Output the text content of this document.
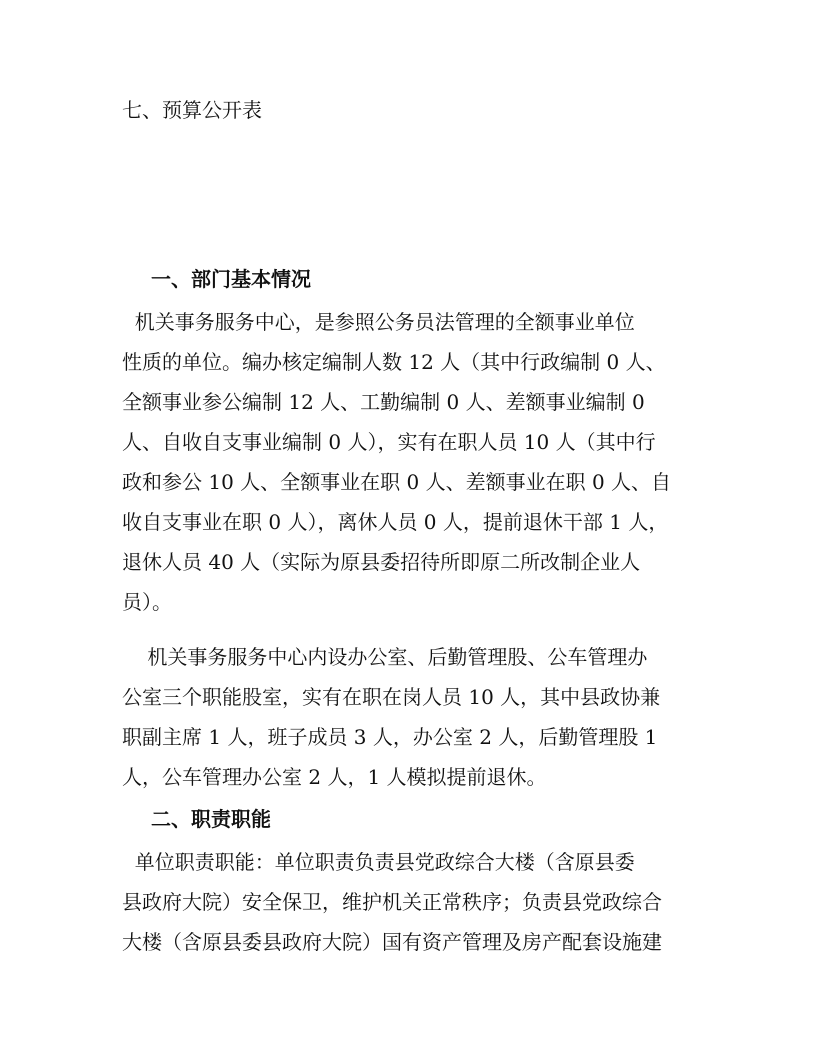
七、预算公开表
一、部门基本情况
机关事务服务中心，是参照公务员法管理的全额事业单位
性质的单位。编办核定编制人数 12 人（其中行政编制 0 人、
全额事业参公编制 12 人、工勤编制 0 人、差额事业编制 0
人、自收自支事业编制 0 人），实有在职人员 10 人（其中行
政和参公 10 人、全额事业在职 0 人、差额事业在职 0 人、自
收自支事业在职 0 人），离休人员 0 人，提前退休干部 1 人，
退休人员 40 人（实际为原县委招待所即原二所改制企业人
员）。
机关事务服务中心内设办公室、后勤管理股、公车管理办
公室三个职能股室，实有在职在岗人员 10 人，其中县政协兼
职副主席 1 人，班子成员 3 人，办公室 2 人，后勤管理股 1
人，公车管理办公室 2 人，1 人模拟提前退休。
二、职责职能
单位职责职能：单位职责负责县党政综合大楼（含原县委
县政府大院）安全保卫，维护机关正常秩序；负责县党政综合
大楼（含原县委县政府大院）国有资产管理及房产配套设施建
